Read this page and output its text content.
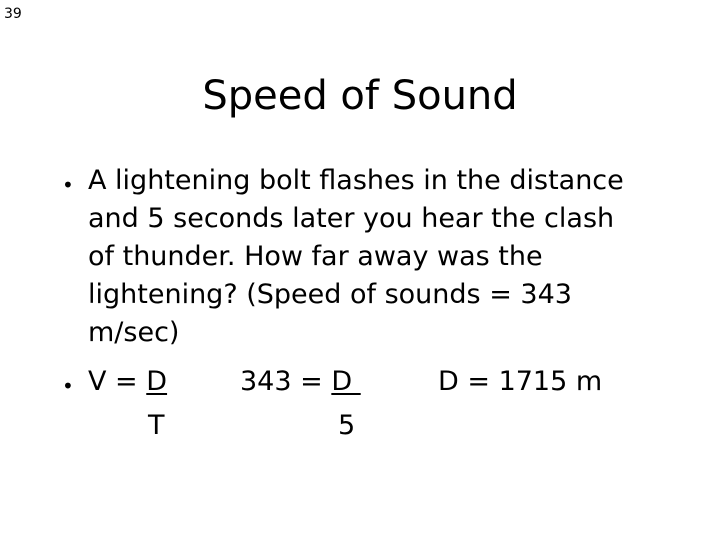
39
Speed of Sound
• A lightening bolt flashes in the distance
and 5 seconds later you hear the clash
of thunder. How far away was the
lightening? (Speed of sounds = 343
m/sec)
• V = D	343 = D	D = 1715 m
T	5
